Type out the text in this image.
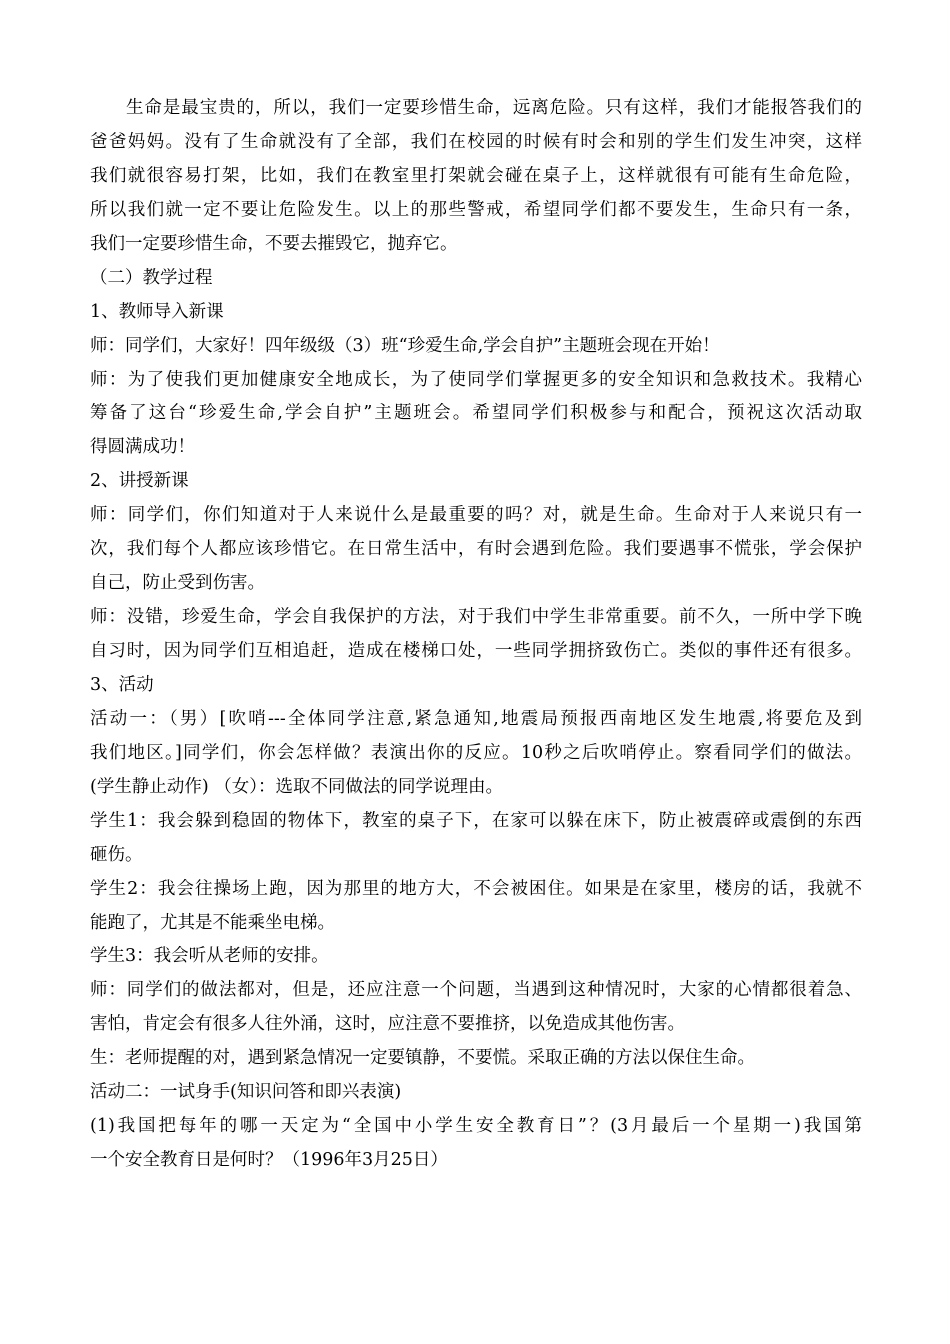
生命是最宝贵的，所以，我们一定要珍惜生命，远离危险。只有这样，我们才能报答我们的
爸爸妈妈。没有了生命就没有了全部，我们在校园的时候有时会和别的学生们发生冲突，这样
我们就很容易打架，比如，我们在教室里打架就会碰在桌子上，这样就很有可能有生命危险，
所以我们就一定不要让危险发生。以上的那些警戒，希望同学们都不要发生，生命只有一条，
我们一定要珍惜生命，不要去摧毁它，抛弃它。
（二）教学过程
1、教师导入新课
师：同学们，大家好！四年级级（3）班“珍爱生命,学会自护”主题班会现在开始！
师：为了使我们更加健康安全地成长，为了使同学们掌握更多的安全知识和急救技术。我精心
筹备了这台“珍爱生命,学会自护”主题班会。希望同学们积极参与和配合，预祝这次活动取
得圆满成功！
2、讲授新课
师：同学们，你们知道对于人来说什么是最重要的吗？对，就是生命。生命对于人来说只有一
次，我们每个人都应该珍惜它。在日常生活中，有时会遇到危险。我们要遇事不慌张，学会保护
自己，防止受到伤害。
师：没错，珍爱生命，学会自我保护的方法，对于我们中学生非常重要。前不久，一所中学下晚
自习时，因为同学们互相追赶，造成在楼梯口处，一些同学拥挤致伤亡。类似的事件还有很多。
3、活动
活动一：（男）[吹哨---全体同学注意,紧急通知,地震局预报西南地区发生地震,将要危及到
我们地区。]同学们，你会怎样做？表演出你的反应。10秒之后吹哨停止。察看同学们的做法。
(学生静止动作) （女）：选取不同做法的同学说理由。
学生1：我会躲到稳固的物体下，教室的桌子下，在家可以躲在床下，防止被震碎或震倒的东西
砸伤。
学生2：我会往操场上跑，因为那里的地方大，不会被困住。如果是在家里，楼房的话，我就不
能跑了，尤其是不能乘坐电梯。
学生3：我会听从老师的安排。
师：同学们的做法都对，但是，还应注意一个问题，当遇到这种情况时，大家的心情都很着急、
害怕，肯定会有很多人往外涌，这时，应注意不要推挤，以免造成其他伤害。
生：老师提醒的对，遇到紧急情况一定要镇静，不要慌。采取正确的方法以保住生命。
活动二：一试身手(知识问答和即兴表演)
(1)我国把每年的哪一天定为“全国中小学生安全教育日”？(3月最后一个星期一)我国第
一个安全教育日是何时？（1996年3月25日）
